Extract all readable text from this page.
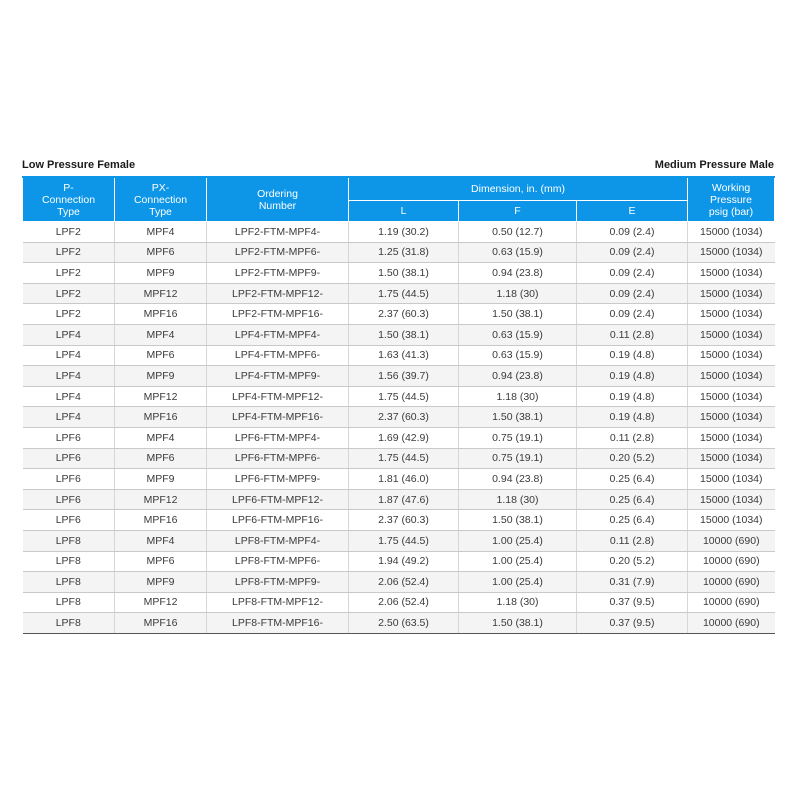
Low Pressure Female	Medium Pressure Male
P-
Connection
Type	PX-
Connection
Type	Ordering
Number	Dimension, in. (mm)			Working
Pressure
psig (bar)
			L	F	E	
LPF2	MPF4	LPF2-FTM-MPF4-	1.19 (30.2)	0.50 (12.7)	0.09 (2.4)	15000 (1034)
LPF2	MPF6	LPF2-FTM-MPF6-	1.25 (31.8)	0.63 (15.9)	0.09 (2.4)	15000 (1034)
LPF2	MPF9	LPF2-FTM-MPF9-	1.50 (38.1)	0.94 (23.8)	0.09 (2.4)	15000 (1034)
LPF2	MPF12	LPF2-FTM-MPF12-	1.75 (44.5)	1.18 (30)	0.09 (2.4)	15000 (1034)
LPF2	MPF16	LPF2-FTM-MPF16-	2.37 (60.3)	1.50 (38.1)	0.09 (2.4)	15000 (1034)
LPF4	MPF4	LPF4-FTM-MPF4-	1.50 (38.1)	0.63 (15.9)	0.11 (2.8)	15000 (1034)
LPF4	MPF6	LPF4-FTM-MPF6-	1.63 (41.3)	0.63 (15.9)	0.19 (4.8)	15000 (1034)
LPF4	MPF9	LPF4-FTM-MPF9-	1.56 (39.7)	0.94 (23.8)	0.19 (4.8)	15000 (1034)
LPF4	MPF12	LPF4-FTM-MPF12-	1.75 (44.5)	1.18 (30)	0.19 (4.8)	15000 (1034)
LPF4	MPF16	LPF4-FTM-MPF16-	2.37 (60.3)	1.50 (38.1)	0.19 (4.8)	15000 (1034)
LPF6	MPF4	LPF6-FTM-MPF4-	1.69 (42.9)	0.75 (19.1)	0.11 (2.8)	15000 (1034)
LPF6	MPF6	LPF6-FTM-MPF6-	1.75 (44.5)	0.75 (19.1)	0.20 (5.2)	15000 (1034)
LPF6	MPF9	LPF6-FTM-MPF9-	1.81 (46.0)	0.94 (23.8)	0.25 (6.4)	15000 (1034)
LPF6	MPF12	LPF6-FTM-MPF12-	1.87 (47.6)	1.18 (30)	0.25 (6.4)	15000 (1034)
LPF6	MPF16	LPF6-FTM-MPF16-	2.37 (60.3)	1.50 (38.1)	0.25 (6.4)	15000 (1034)
LPF8	MPF4	LPF8-FTM-MPF4-	1.75 (44.5)	1.00 (25.4)	0.11 (2.8)	10000 (690)
LPF8	MPF6	LPF8-FTM-MPF6-	1.94 (49.2)	1.00 (25.4)	0.20 (5.2)	10000 (690)
LPF8	MPF9	LPF8-FTM-MPF9-	2.06 (52.4)	1.00 (25.4)	0.31 (7.9)	10000 (690)
LPF8	MPF12	LPF8-FTM-MPF12-	2.06 (52.4)	1.18 (30)	0.37 (9.5)	10000 (690)
LPF8	MPF16	LPF8-FTM-MPF16-	2.50 (63.5)	1.50 (38.1)	0.37 (9.5)	10000 (690)
